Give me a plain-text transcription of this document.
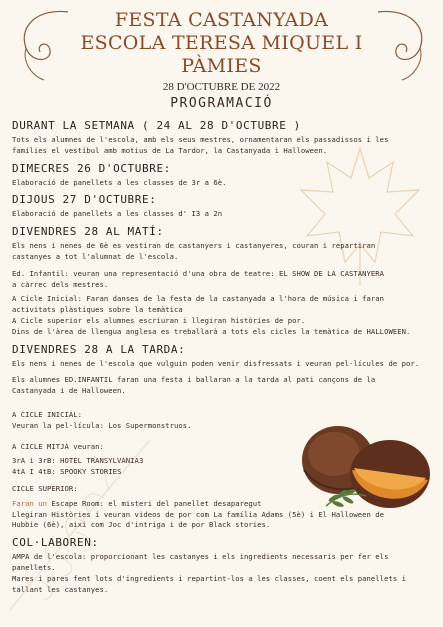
FESTA CASTANYADA
ESCOLA TERESA MIQUEL I
PÀMIES
28 D'OCTUBRE DE 2022
PROGRAMACIÓ

DURANT LA SETMANA ( 24 AL 28 D'OCTUBRE )

Tots els alumnes de l'escola, amb els seus mestres, ornamentaran els passadissos i les

famílies el vestíbul amb motius de La Tardor, la Castanyada i Halloween.

DIMECRES 26 D'OCTUBRE:

Elaboració de panellets a les classes de 3r a 6è.

DIJOUS 27 D'OCTUBRE:

Elaboració de panellets a les classes d' I3 a 2n

DIVENDRES 28 AL MATÍ:

Els nens i nenes de 6è es vestiran de castanyers i castanyeres, couran i repartiran

castanyes a tot l'alumnat de l'escola.

Ed. Infantil: veuran una representació d'una obra de teatre: EL SHOW DE LA CASTANYERA

a càrrec dels mestres.

A Cicle Inicial: Faran danses de la festa de la castanyada a l'hora de música i faran

activitats plàstiques sobre la temàtica

A Cicle superior els alumnes escriuran i llegiran històries de por.

Dins de l'àrea de llengua anglesa es treballarà a tots els cicles la temàtica de HALLOWEEN.

DIVENDRES 28 A LA TARDA:

Els nens i nenes de l'escola que vulguin poden venir disfressats i veuran pel·lícules de por.

Els alumnes ED.INFANTIL faran una festa i ballaran a la tarda al pati cançons de la

Castanyada i de Halloween.

A CICLE INICIAL:

Veuran la pel·lícula: Los Supermonstruos.

A CICLE MITJÀ veuran:

3rA i 3rB: HOTEL TRANSYLVANIA3

4tA I 4tB: SPOOKY STORIES

CICLE SUPERIOR:

Faran un Escape Room: el misteri del panellet desaparegut

Llegiran Històries i veuran videos de por com La família Adams (5è) i El Halloween de

Hubbie (6è), així com Joc d'intriga i de por Black stories.

COL·LABOREN:

AMPA de l'escola: proporcionant les castanyes i els ingredients necessaris per fer els

panellets.

Mares i pares fent lots d'ingredients i repartint-los a les classes, coent els panellets i

tallant les castanyes.
